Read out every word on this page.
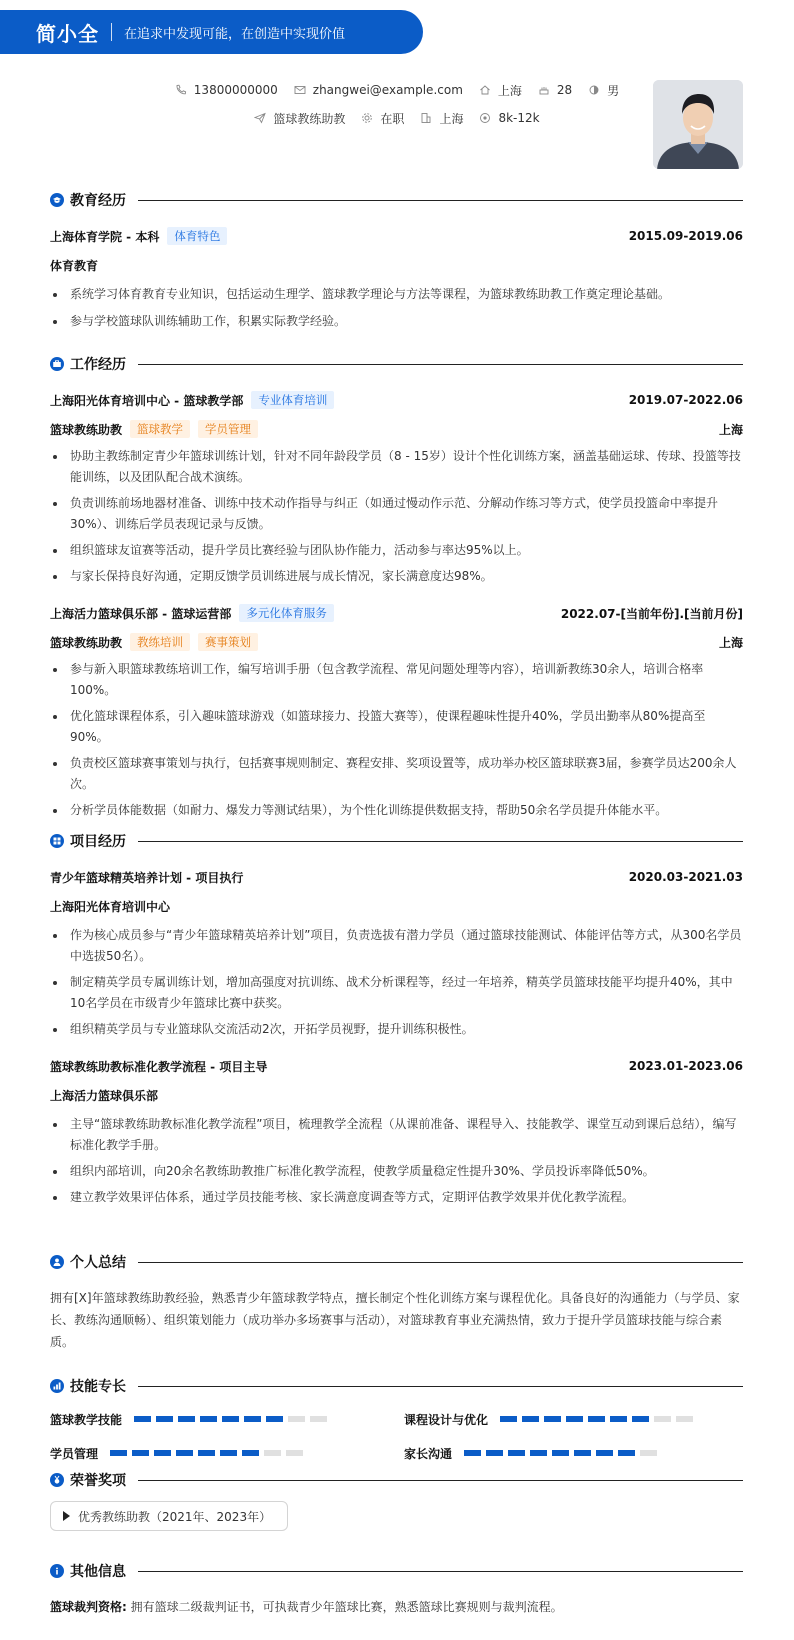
简小全 在追求中发现可能，在创造中实现价值
13800000000	zhangwei@example.com	上海	28	男
篮球教练助教	在职	上海	8k-12k
教育经历
上海体育学院 - 本科	体育特色	2015.09-2019.06
体育教育
系统学习体育教育专业知识，包括运动生理学、篮球教学理论与方法等课程，为篮球教练助教工作奠定理论基础。
参与学校篮球队训练辅助工作，积累实际教学经验。
工作经历
上海阳光体育培训中心 - 篮球教学部	专业体育培训	2019.07-2022.06
篮球教练助教	篮球教学	学员管理	上海
协助主教练制定青少年篮球训练计划，针对不同年龄段学员（8 - 15岁）设计个性化训练方案，涵盖基础运球、传球、投篮等技能训练，以及团队配合战术演练。
负责训练前场地器材准备、训练中技术动作指导与纠正（如通过慢动作示范、分解动作练习等方式，使学员投篮命中率提升30%）、训练后学员表现记录与反馈。
组织篮球友谊赛等活动，提升学员比赛经验与团队协作能力，活动参与率达95%以上。
与家长保持良好沟通，定期反馈学员训练进展与成长情况，家长满意度达98%。
上海活力篮球俱乐部 - 篮球运营部	多元化体育服务	2022.07-[当前年份].[当前月份]
篮球教练助教	教练培训	赛事策划	上海
参与新入职篮球教练培训工作，编写培训手册（包含教学流程、常见问题处理等内容），培训新教练30余人，培训合格率100%。
优化篮球课程体系，引入趣味篮球游戏（如篮球接力、投篮大赛等），使课程趣味性提升40%，学员出勤率从80%提高至90%。
负责校区篮球赛事策划与执行，包括赛事规则制定、赛程安排、奖项设置等，成功举办校区篮球联赛3届，参赛学员达200余人次。
分析学员体能数据（如耐力、爆发力等测试结果），为个性化训练提供数据支持，帮助50余名学员提升体能水平。
项目经历
青少年篮球精英培养计划 - 项目执行	2020.03-2021.03
上海阳光体育培训中心
作为核心成员参与“青少年篮球精英培养计划”项目，负责选拔有潜力学员（通过篮球技能测试、体能评估等方式，从300名学员中选拔50名）。
制定精英学员专属训练计划，增加高强度对抗训练、战术分析课程等，经过一年培养，精英学员篮球技能平均提升40%，其中10名学员在市级青少年篮球比赛中获奖。
组织精英学员与专业篮球队交流活动2次，开拓学员视野，提升训练积极性。
篮球教练助教标准化教学流程 - 项目主导	2023.01-2023.06
上海活力篮球俱乐部
主导“篮球教练助教标准化教学流程”项目，梳理教学全流程（从课前准备、课程导入、技能教学、课堂互动到课后总结），编写标准化教学手册。
组织内部培训，向20余名教练助教推广标准化教学流程，使教学质量稳定性提升30%、学员投诉率降低50%。
建立教学效果评估体系，通过学员技能考核、家长满意度调查等方式，定期评估教学效果并优化教学流程。
个人总结

拥有[X]年篮球教练助教经验，熟悉青少年篮球教学特点，擅长制定个性化训练方案与课程优化。具备良好的沟通能力（与学员、家长、教练沟通顺畅）、组织策划能力（成功举办多场赛事与活动），对篮球教育事业充满热情，致力于提升学员篮球技能与综合素质。

技能专长
篮球教学技能	课程设计与优化
学员管理	家长沟通
荣誉奖项
优秀教练助教（2021年、2023年）
其他信息

篮球裁判资格: 拥有篮球二级裁判证书，可执裁青少年篮球比赛，熟悉篮球比赛规则与裁判流程。
